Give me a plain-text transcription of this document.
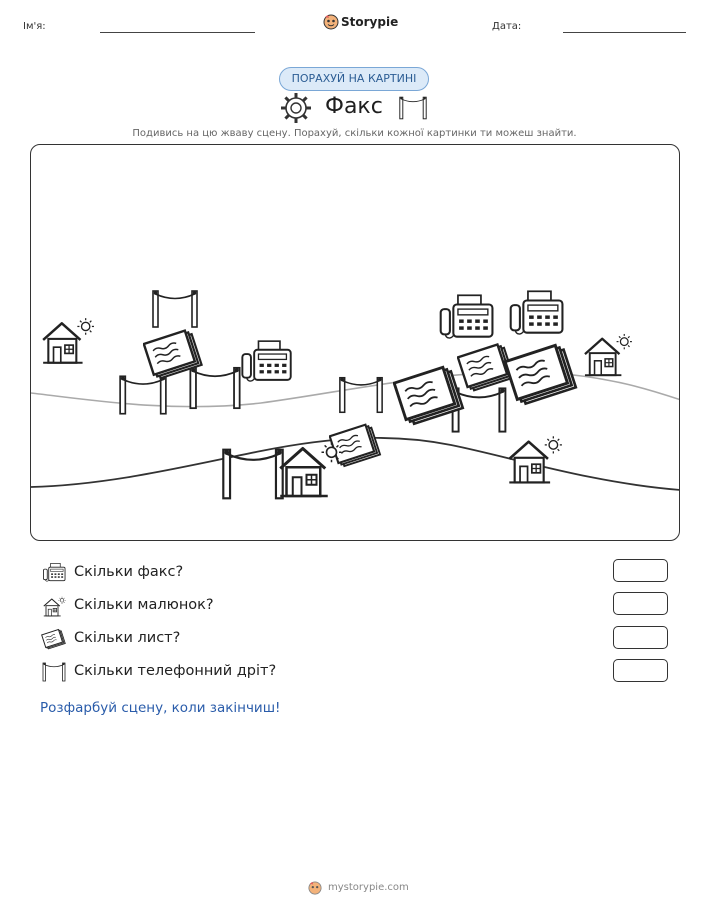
Ім'я:	Storypie	Дата:
ПОРАХУЙ НА КАРТИНІ
Факс
Подивись на цю жваву сцену. Порахуй, скільки кожної картинки ти можеш знайти.
Скільки факс?
Скільки малюнок?
Скільки лист?
Скільки телефонний дріт?
Розфарбуй сцену, коли закінчиш!
mystorypie.com
